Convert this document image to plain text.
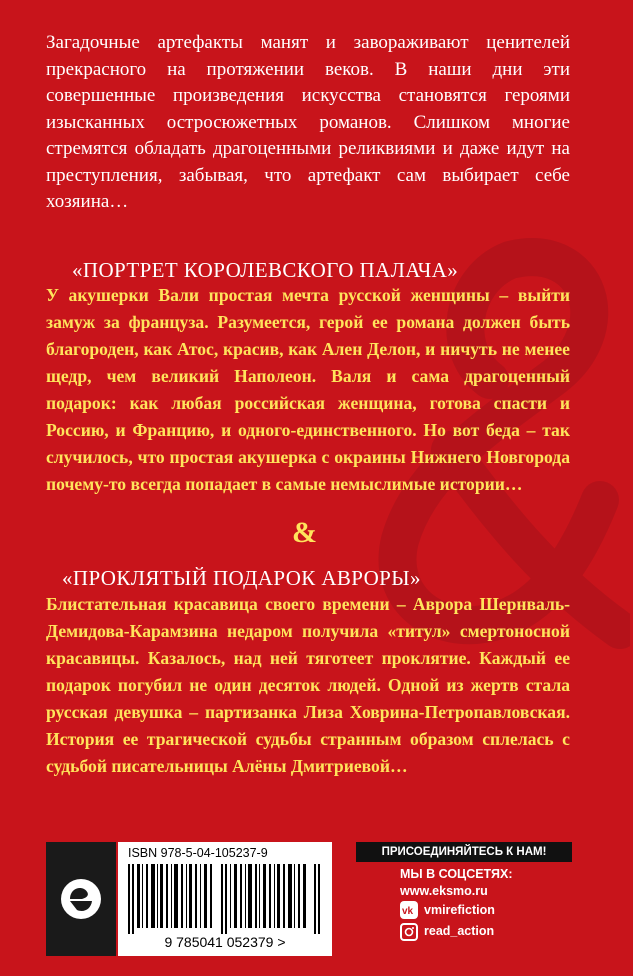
Загадочные артефакты манят и завораживают ценителей прекрасного на протяжении веков. В наши дни эти совершенные произведения искусства становятся героями изысканных остросюжетных романов. Слишком многие стремятся обладать драгоценными реликвиями и даже идут на преступления, забывая, что артефакт сам выбирает себе хозяина…
«ПОРТРЕТ КОРОЛЕВСКОГО ПАЛАЧА»
У акушерки Вали простая мечта русской женщины – выйти замуж за француза. Разумеется, герой ее романа должен быть благороден, как Атос, красив, как Ален Делон, и ничуть не менее щедр, чем великий Наполеон. Валя и сама драгоценный подарок: как любая российская женщина, готова спасти и Россию, и Францию, и одного-единственного. Но вот беда – так случилось, что простая акушерка с окраины Нижнего Новгорода почему-то всегда попадает в самые немыслимые истории…
&
«ПРОКЛЯТЫЙ ПОДАРОК АВРОРЫ»
Блистательная красавица своего времени – Аврора Шернваль-Демидова-Карамзина недаром получила «титул» смертоносной красавицы. Казалось, над ней тяготеет проклятие. Каждый ее подарок погубил не один десяток людей. Одной из жертв стала русская девушка – партизанка Лиза Ховрина-Петропавловская. История ее трагической судьбы странным образом сплелась с судьбой писательницы Алёны Дмитриевой…
ISBN 978-5-04-105237-9
9 785041 052379 >
ПРИСОЕДИНЯЙТЕСЬ К НАМ!
МЫ В СОЦСЕТЯХ:
www.eksmo.ru
vk vmirefiction
read_action
